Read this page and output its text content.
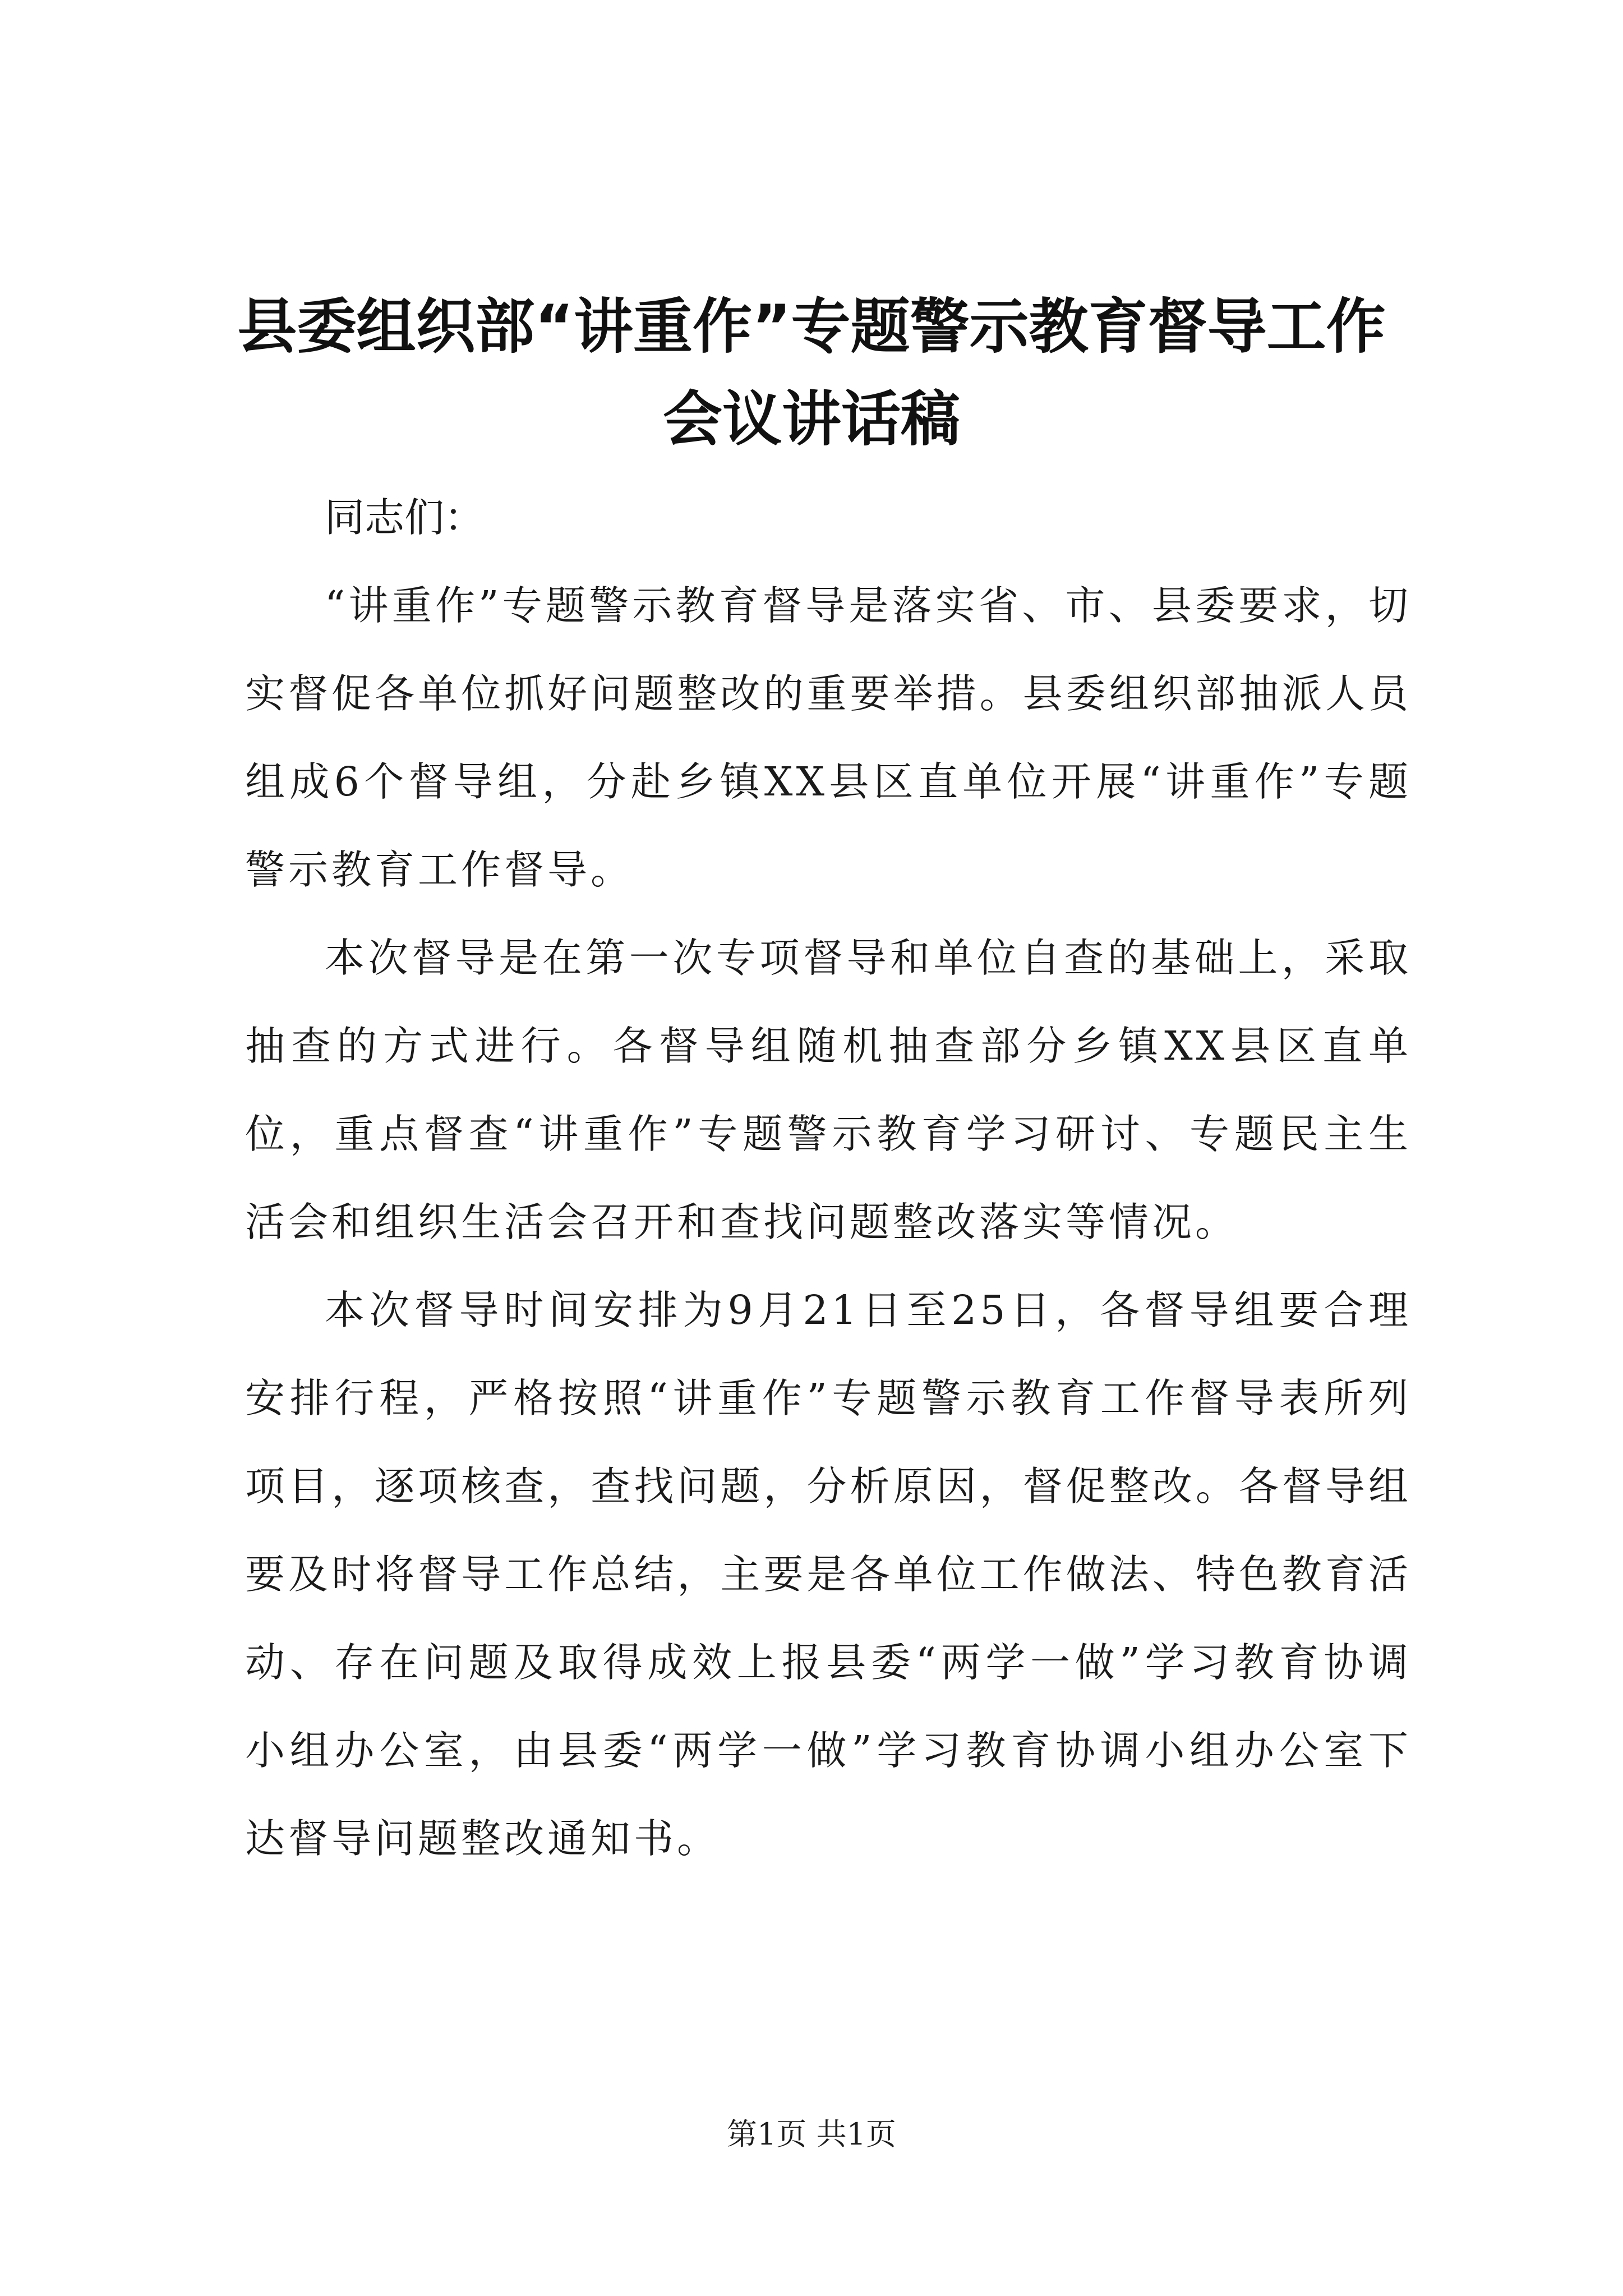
县委组织部“讲重作”专题警示教育督导工作
会议讲话稿

同志们：

“讲重作”专题警示教育督导是落实省、市、县委要求，切实督促各单位抓好问题整改的重要举措。县委组织部抽派人员组成6个督导组，分赴乡镇XX县区直单位开展“讲重作”专题警示教育工作督导。

本次督导是在第一次专项督导和单位自查的基础上，采取抽查的方式进行。各督导组随机抽查部分乡镇XX县区直单位，重点督查“讲重作”专题警示教育学习研讨、专题民主生活会和组织生活会召开和查找问题整改落实等情况。

本次督导时间安排为9月21日至25日，各督导组要合理安排行程，严格按照“讲重作”专题警示教育工作督导表所列项目，逐项核查，查找问题，分析原因，督促整改。各督导组要及时将督导工作总结，主要是各单位工作做法、特色教育活动、存在问题及取得成效上报县委“两学一做”学习教育协调小组办公室，由县委“两学一做”学习教育协调小组办公室下达督导问题整改通知书。

第1页 共1页
